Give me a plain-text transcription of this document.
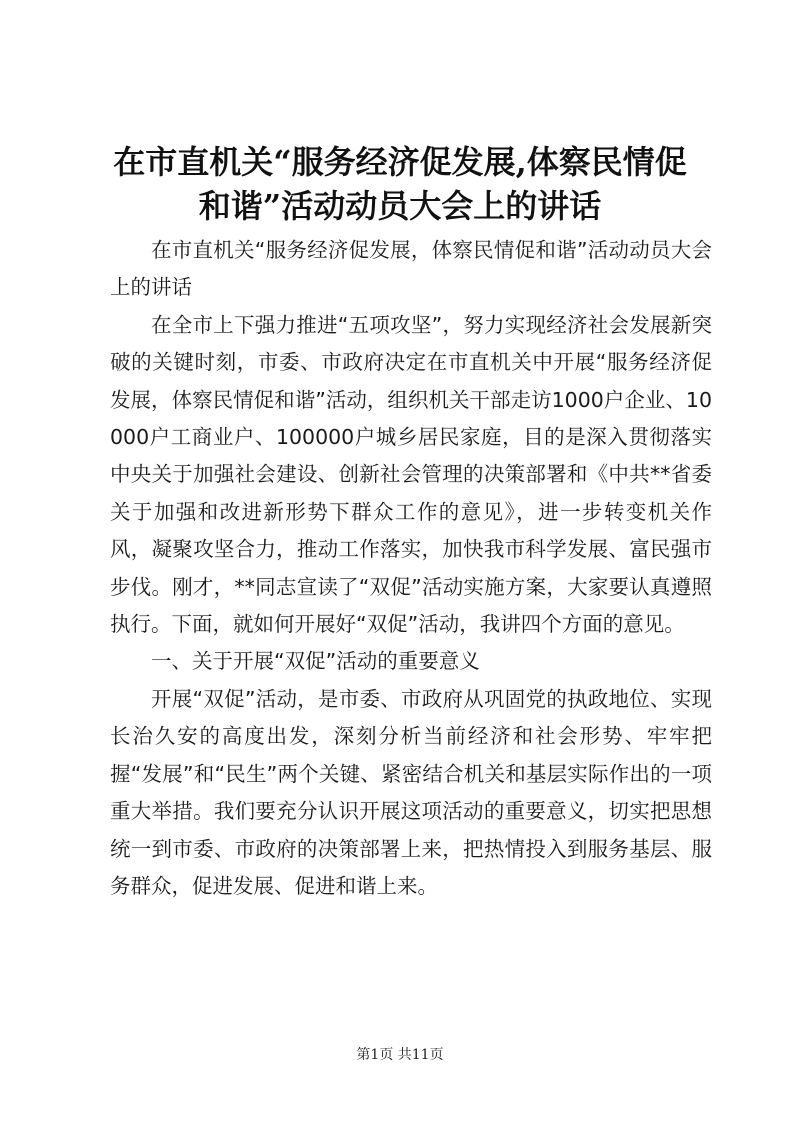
在市直机关“服务经济促发展,体察民情促和谐”活动动员大会上的讲话

在市直机关“服务经济促发展，体察民情促和谐”活动动员大会上的讲话

在全市上下强力推进“五项攻坚”，努力实现经济社会发展新突破的关键时刻，市委、市政府决定在市直机关中开展“服务经济促发展，体察民情促和谐”活动，组织机关干部走访1000户企业、10000户工商业户、100000户城乡居民家庭，目的是深入贯彻落实中央关于加强社会建设、创新社会管理的决策部署和《中共**省委关于加强和改进新形势下群众工作的意见》，进一步转变机关作风，凝聚攻坚合力，推动工作落实，加快我市科学发展、富民强市步伐。刚才，**同志宣读了“双促”活动实施方案，大家要认真遵照执行。下面，就如何开展好“双促”活动，我讲四个方面的意见。

一、关于开展“双促”活动的重要意义

开展“双促”活动，是市委、市政府从巩固党的执政地位、实现长治久安的高度出发，深刻分析当前经济和社会形势、牢牢把握“发展”和“民生”两个关键、紧密结合机关和基层实际作出的一项重大举措。我们要充分认识开展这项活动的重要意义，切实把思想统一到市委、市政府的决策部署上来，把热情投入到服务基层、服务群众，促进发展、促进和谐上来。

第1页 共11页
